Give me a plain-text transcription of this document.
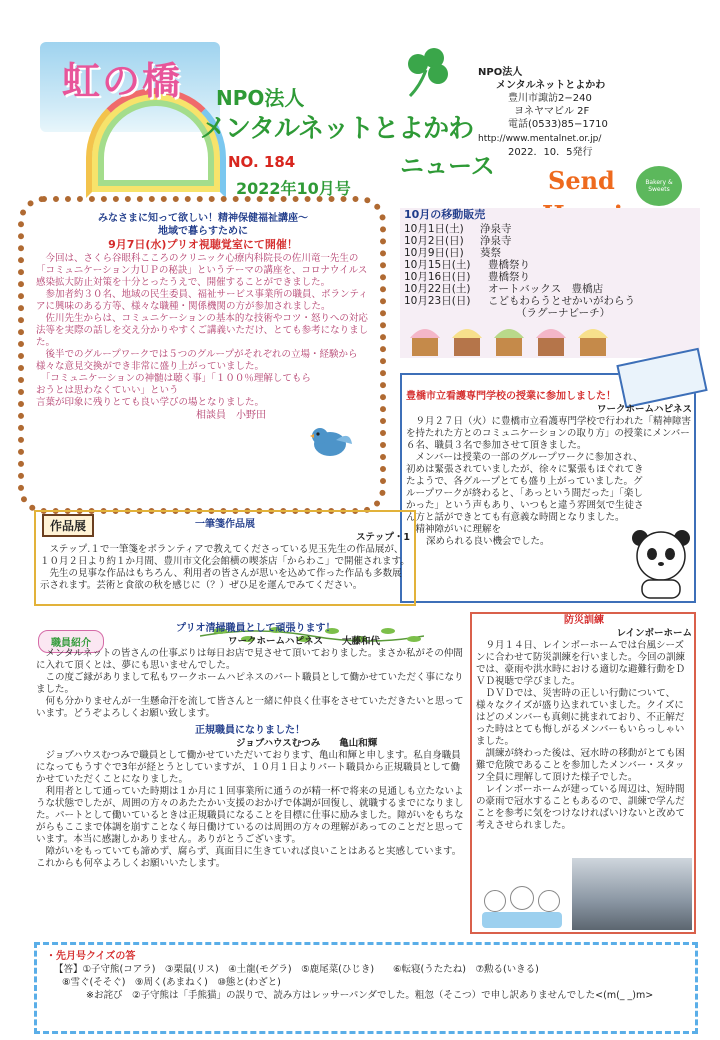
虹の橋 NPO法人
メンタルネットとよかわ
NO. 184
2022年10月号
ニュース

NPO法人

メンタルネットとよかわ

豊川市諏訪2−240

ヨネヤマビル 2F

電話(0533)85−1710

http://www.mentalnet.or.jp/

2022．10．5発行

Send	Bakery & Sweets

みなさまに知って欲しい！精神保健福祉講座～

地域で暮らすために

9月7日(水)プリオ視聴覚室にて開催！

　今回は、さくら谷眼科こころのクリニック心療内科院長の佐川竜一先生の「コミュニケーション力ＵＰの秘訣」というテーマの講座を、コロナウイルス感染拡大防止対策を十分とったうえで、開催することができました。

　参加者約３０名、地域の民生委員、福祉サービス事業所の職員、ボランティアに興味のある方等、様々な職種・関係機関の方が参加されました。

　佐川先生からは、コミュニケーションの基本的な技術やコツ・怒りへの対応法等を実際の話しを交え分かりやすくご講義いただけ、とても参考になりました。

　後半でのグループワークでは５つのグループがそれぞれの立場・経験から様々な意見交換ができ非常に盛り上がっていました。

　「コミュニケーションの神髄は聴く事」「１００％理解してもらおうとは思わなくていい」という

言葉が印象に残りとても良い学びの場となりました。

相談員　小野田

10月の移動販売

10月1日(土)	浄泉寺
10月2日(日)	浄泉寺
10月9日(日)	葵祭
10月15日(土)	豊橋祭り
10月16日(日)	豊橋祭り
10月22日(土)	オートバックス　豊橋店
10月23日(日)	こどもわらうとせかいがわらう

（ラグーナビーチ）

豊橋市立看護専門学校の授業に参加しました！

ワークホームハピネス

　９月２７日（火）に豊橋市立看護専門学校で行われた「精神障害を持たれた方とのコミュニケーションの取り方」の授業にメンバー６名、職員３名で参加させて頂きました。

　メンバーは授業の一部のグループワークに参加され、初めは緊張されていましたが、徐々に緊張もほぐれてきたようで、各グループとても盛り上がっていました。グループワークが終わると、「あっという間だった」「楽しかった」という声もあり、いつもと違う雰囲気で生徒さん方と話ができとても有意義な時間となりました。

　精神障がいに理解を

深められる良い機会でした。

作品展	一筆箋作品展

ステップ・1

　ステップ.１で一筆箋をボランティアで教えてくださっている児玉先生の作品展が、１０月２日より約１か月間、豊川市文化会館横の喫茶店「からわこ」で開催されます。

　先生の見事な作品はもちろん、利用者の皆さんが思いを込めて作った作品も多数展示されます。芸術と食欲の秋を感じに（？）ぜひ足を運んでみてください。

職員紹介

プリオ清掃職員として頑張ります！

ワークホームハピネス　　大藤和代

　メンタルネットの皆さんの仕事ぶりは毎日お店で見させて頂いておりました。まさか私がその仲間に入れて頂くとは、夢にも思いませんでした。

　この度ご縁がありまして私もワークホームハピネスのパート職員として働かせていただく事になりました。

　何も分かりませんが一生懸命汗を流して皆さんと一緒に仲良く仕事をさせていただきたいと思っています。どうぞよろしくお願い致します。

正規職員になりました！

ジョブハウスむつみ　　亀山和輝

　ジョブハウスむつみで職員として働かせていただいております、亀山和輝と申します。私自身職員になってもうすぐで3年が経とうとしていますが、１０月１日よりパート職員から正規職員として働かせていただくことになりました。

　利用者として通っていた時期は１か月に１回事業所に通うのが精一杯で将来の見通しも立たないような状態でしたが、周囲の方々のあたたかい支援のおかげで体調が回復し、就職するまでになりました。パートとして働いているときは正規職員になることを目標に仕事に励みました。障がいをもちながらもここまで体調を崩すことなく毎日働けているのは周囲の方々の理解があってのことだと思っています。本当に感謝しかありません。ありがとうございます。

　障がいをもっていても諦めず、腐らず、真面目に生きていれば良いことはあると実感しています。これからも何卒よろしくお願いいたします。

防災訓練

レインボーホーム

　９月１４日、レインボーホームでは台風シーズンに合わせて防災訓練を行いました。今回の訓練では、豪雨や洪水時における適切な避難行動をＤＶＤ視聴で学びました。

　ＤＶＤでは、災害時の正しい行動について、様々なクイズが盛り込まれていました。クイズにはどのメンバーも真剣に挑まれており、不正解だった時はとても悔しがるメンバーもいらっしゃいました。

　訓練が終わった後は、冠水時の移動がとても困難で危険であることを参加したメンバー・スタッフ全員に理解して頂けた様子でした。

　レインボーホームが建っている周辺は、短時間の豪雨で冠水することもあるので、訓練で学んだことを参考に気をつけなければいけないと改めて考えさせられました。

・先月号クイズの答

【答】①子守熊(コアラ)　③栗鼠(リス)　④土龍(モグラ)　⑤鹿尾菜(ひじき)　　⑥転寝(うたたね)　⑦勲る(いきる)

⑧雪ぐ(そそぐ)　⑨周く(あまねく)　⑩態と(わざと)

※お詫び　②子守熊は「手熊猫」の誤りで、読み方はレッサーパンダでした。粗忽（そこつ）で申し訳ありませんでした<(m(_ _)m>
